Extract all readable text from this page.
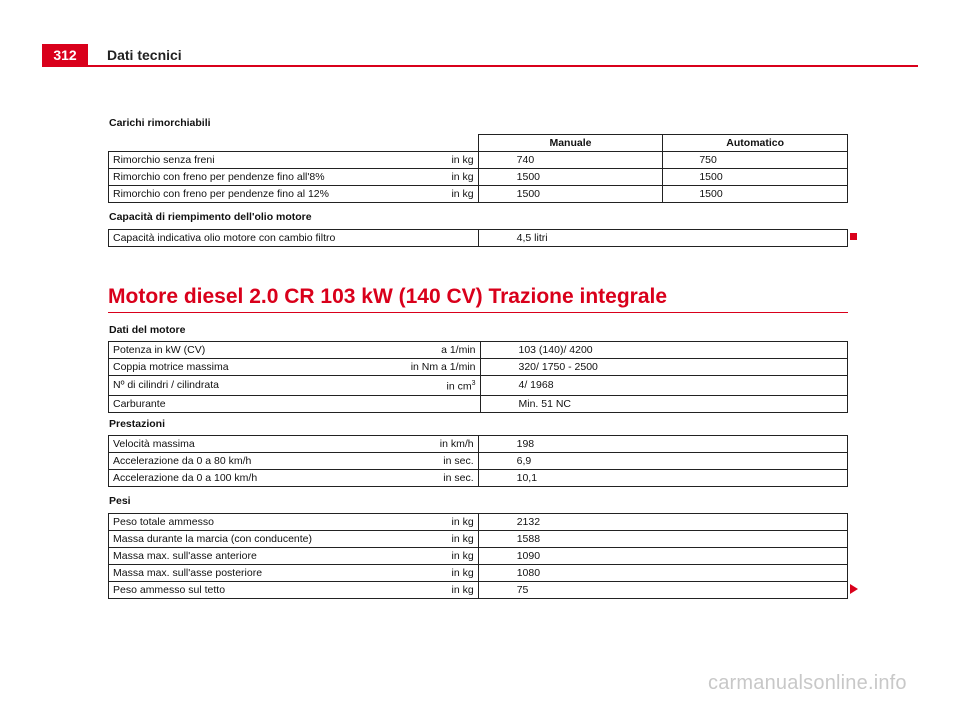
312	Dati tecnici
Carichi rimorchiabili
		Manuale	Automatico
Rimorchio senza freni	in kg	740	750
Rimorchio con freno per pendenze fino all'8%	in kg	1500	1500
Rimorchio con freno per pendenze fino al 12%	in kg	1500	1500
Capacità di riempimento dell'olio motore
Capacità indicativa olio motore con cambio filtro	4,5 litri
Motore diesel 2.0 CR 103 kW (140 CV) Trazione integrale
Dati del motore
Potenza in kW (CV)	a 1/min	103 (140)/ 4200
Coppia motrice massima	in Nm a 1/min	320/ 1750 - 2500
Nº di cilindri / cilindrata	in $cm^3$	4/ 1968
Carburante		Min. 51 NC
Prestazioni
Velocità massima	in km/h	198
Accelerazione da 0 a 80 km/h	in sec.	6,9
Accelerazione da 0 a 100 km/h	in sec.	10,1
Pesi
Peso totale ammesso	in kg	2132
Massa durante la marcia (con conducente)	in kg	1588
Massa max. sull'asse anteriore	in kg	1090
Massa max. sull'asse posteriore	in kg	1080
Peso ammesso sul tetto	in kg	75
carmanualsonline.info
